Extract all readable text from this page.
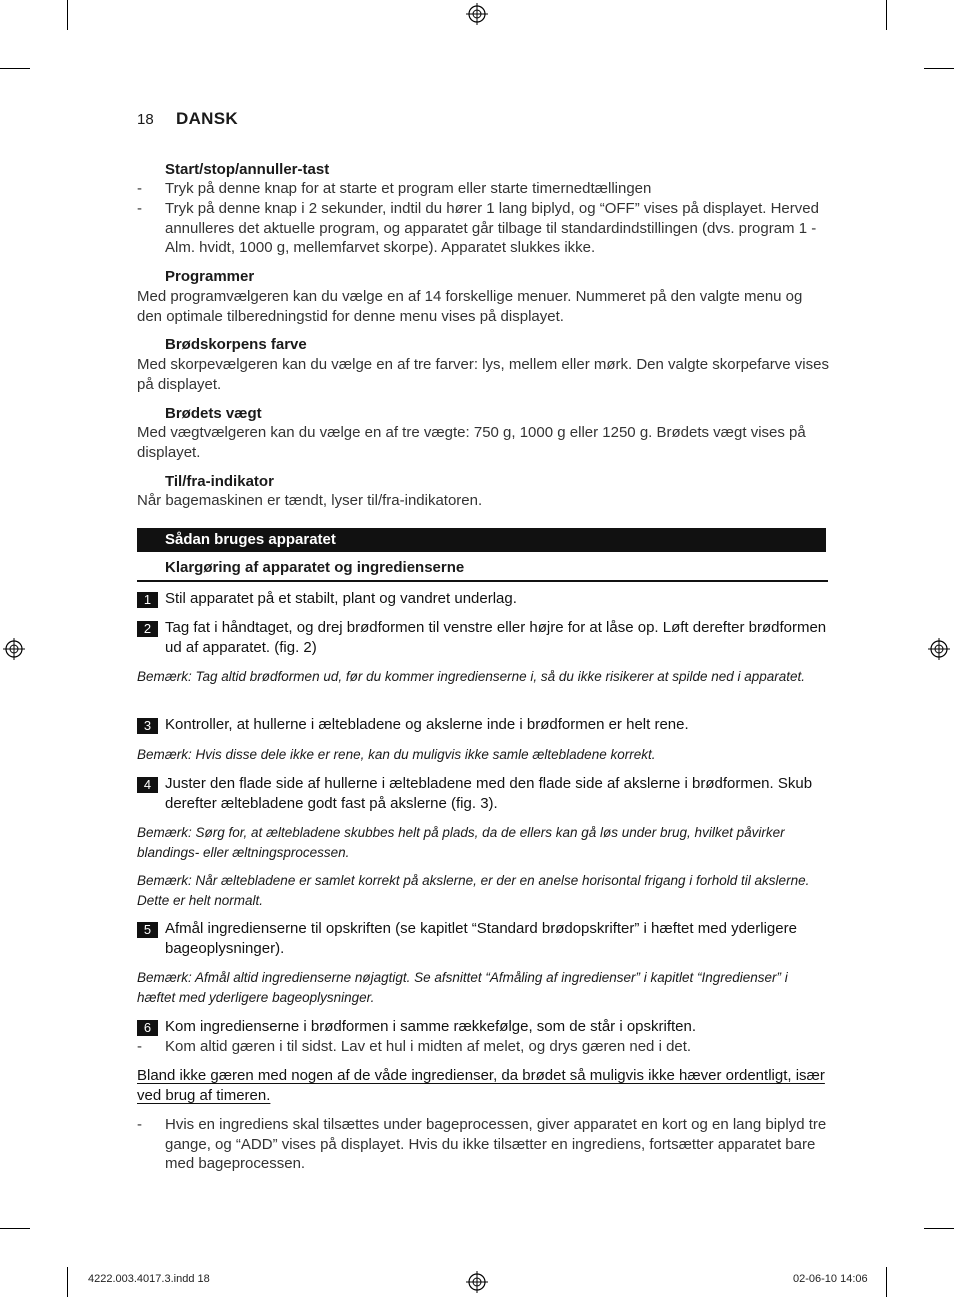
18 DANSK
Start/stop/annuller-tast
- Tryk på denne knap for at starte et program eller starte timernedtællingen
- Tryk på denne knap i 2 sekunder, indtil du hører 1 lang biplyd, og “OFF” vises på displayet. Herved annulleres det aktuelle program, og apparatet går tilbage til standardindstillingen (dvs. program 1 - Alm. hvidt, 1000 g, mellemfarvet skorpe). Apparatet slukkes ikke.
Programmer
Med programvælgeren kan du vælge en af 14 forskellige menuer. Nummeret på den valgte menu og den optimale tilberedningstid for denne menu vises på displayet.
Brødskorpens farve
Med skorpevælgeren kan du vælge en af tre farver: lys, mellem eller mørk. Den valgte skorpefarve vises på displayet.
Brødets vægt
Med vægtvælgeren kan du vælge en af tre vægte: 750 g, 1000 g eller 1250 g. Brødets vægt vises på displayet.
Til/fra-indikator
Når bagemaskinen er tændt, lyser til/fra-indikatoren.
Sådan bruges apparatet
Klargøring af apparatet og ingredienserne
1 Stil apparatet på et stabilt, plant og vandret underlag.
2 Tag fat i håndtaget, og drej brødformen til venstre eller højre for at låse op. Løft derefter brødformen ud af apparatet. (fig. 2)
Bemærk: Tag altid brødformen ud, før du kommer ingredienserne i, så du ikke risikerer at spilde ned i apparatet.
3 Kontroller, at hullerne i æltebladene og akslerne inde i brødformen er helt rene.
Bemærk: Hvis disse dele ikke er rene, kan du muligvis ikke samle æltebladene korrekt.
4 Juster den flade side af hullerne i æltebladene med den flade side af akslerne i brødformen. Skub derefter æltebladene godt fast på akslerne (fig. 3).
Bemærk: Sørg for, at æltebladene skubbes helt på plads, da de ellers kan gå løs under brug, hvilket påvirker blandings- eller æltningsprocessen.
Bemærk: Når æltebladene er samlet korrekt på akslerne, er der en anelse horisontal frigang i forhold til akslerne. Dette er helt normalt.
5 Afmål ingredienserne til opskriften (se kapitlet “Standard brødopskrifter” i hæftet med yderligere bageoplysninger).
Bemærk: Afmål altid ingredienserne nøjagtigt. Se afsnittet “Afmåling af ingredienser” i kapitlet “Ingredienser” i hæftet med yderligere bageoplysninger.
6 Kom ingredienserne i brødformen i samme rækkefølge, som de står i opskriften.
- Kom altid gæren i til sidst. Lav et hul i midten af melet, og drys gæren ned i det.
Bland ikke gæren med nogen af de våde ingredienser, da brødet så muligvis ikke hæver ordentligt, især ved brug af timeren.
- Hvis en ingrediens skal tilsættes under bageprocessen, giver apparatet en kort og en lang biplyd tre gange, og “ADD” vises på displayet. Hvis du ikke tilsætter en ingrediens, fortsætter apparatet bare med bageprocessen.
4222.003.4017.3.indd 18	02-06-10 14:06
